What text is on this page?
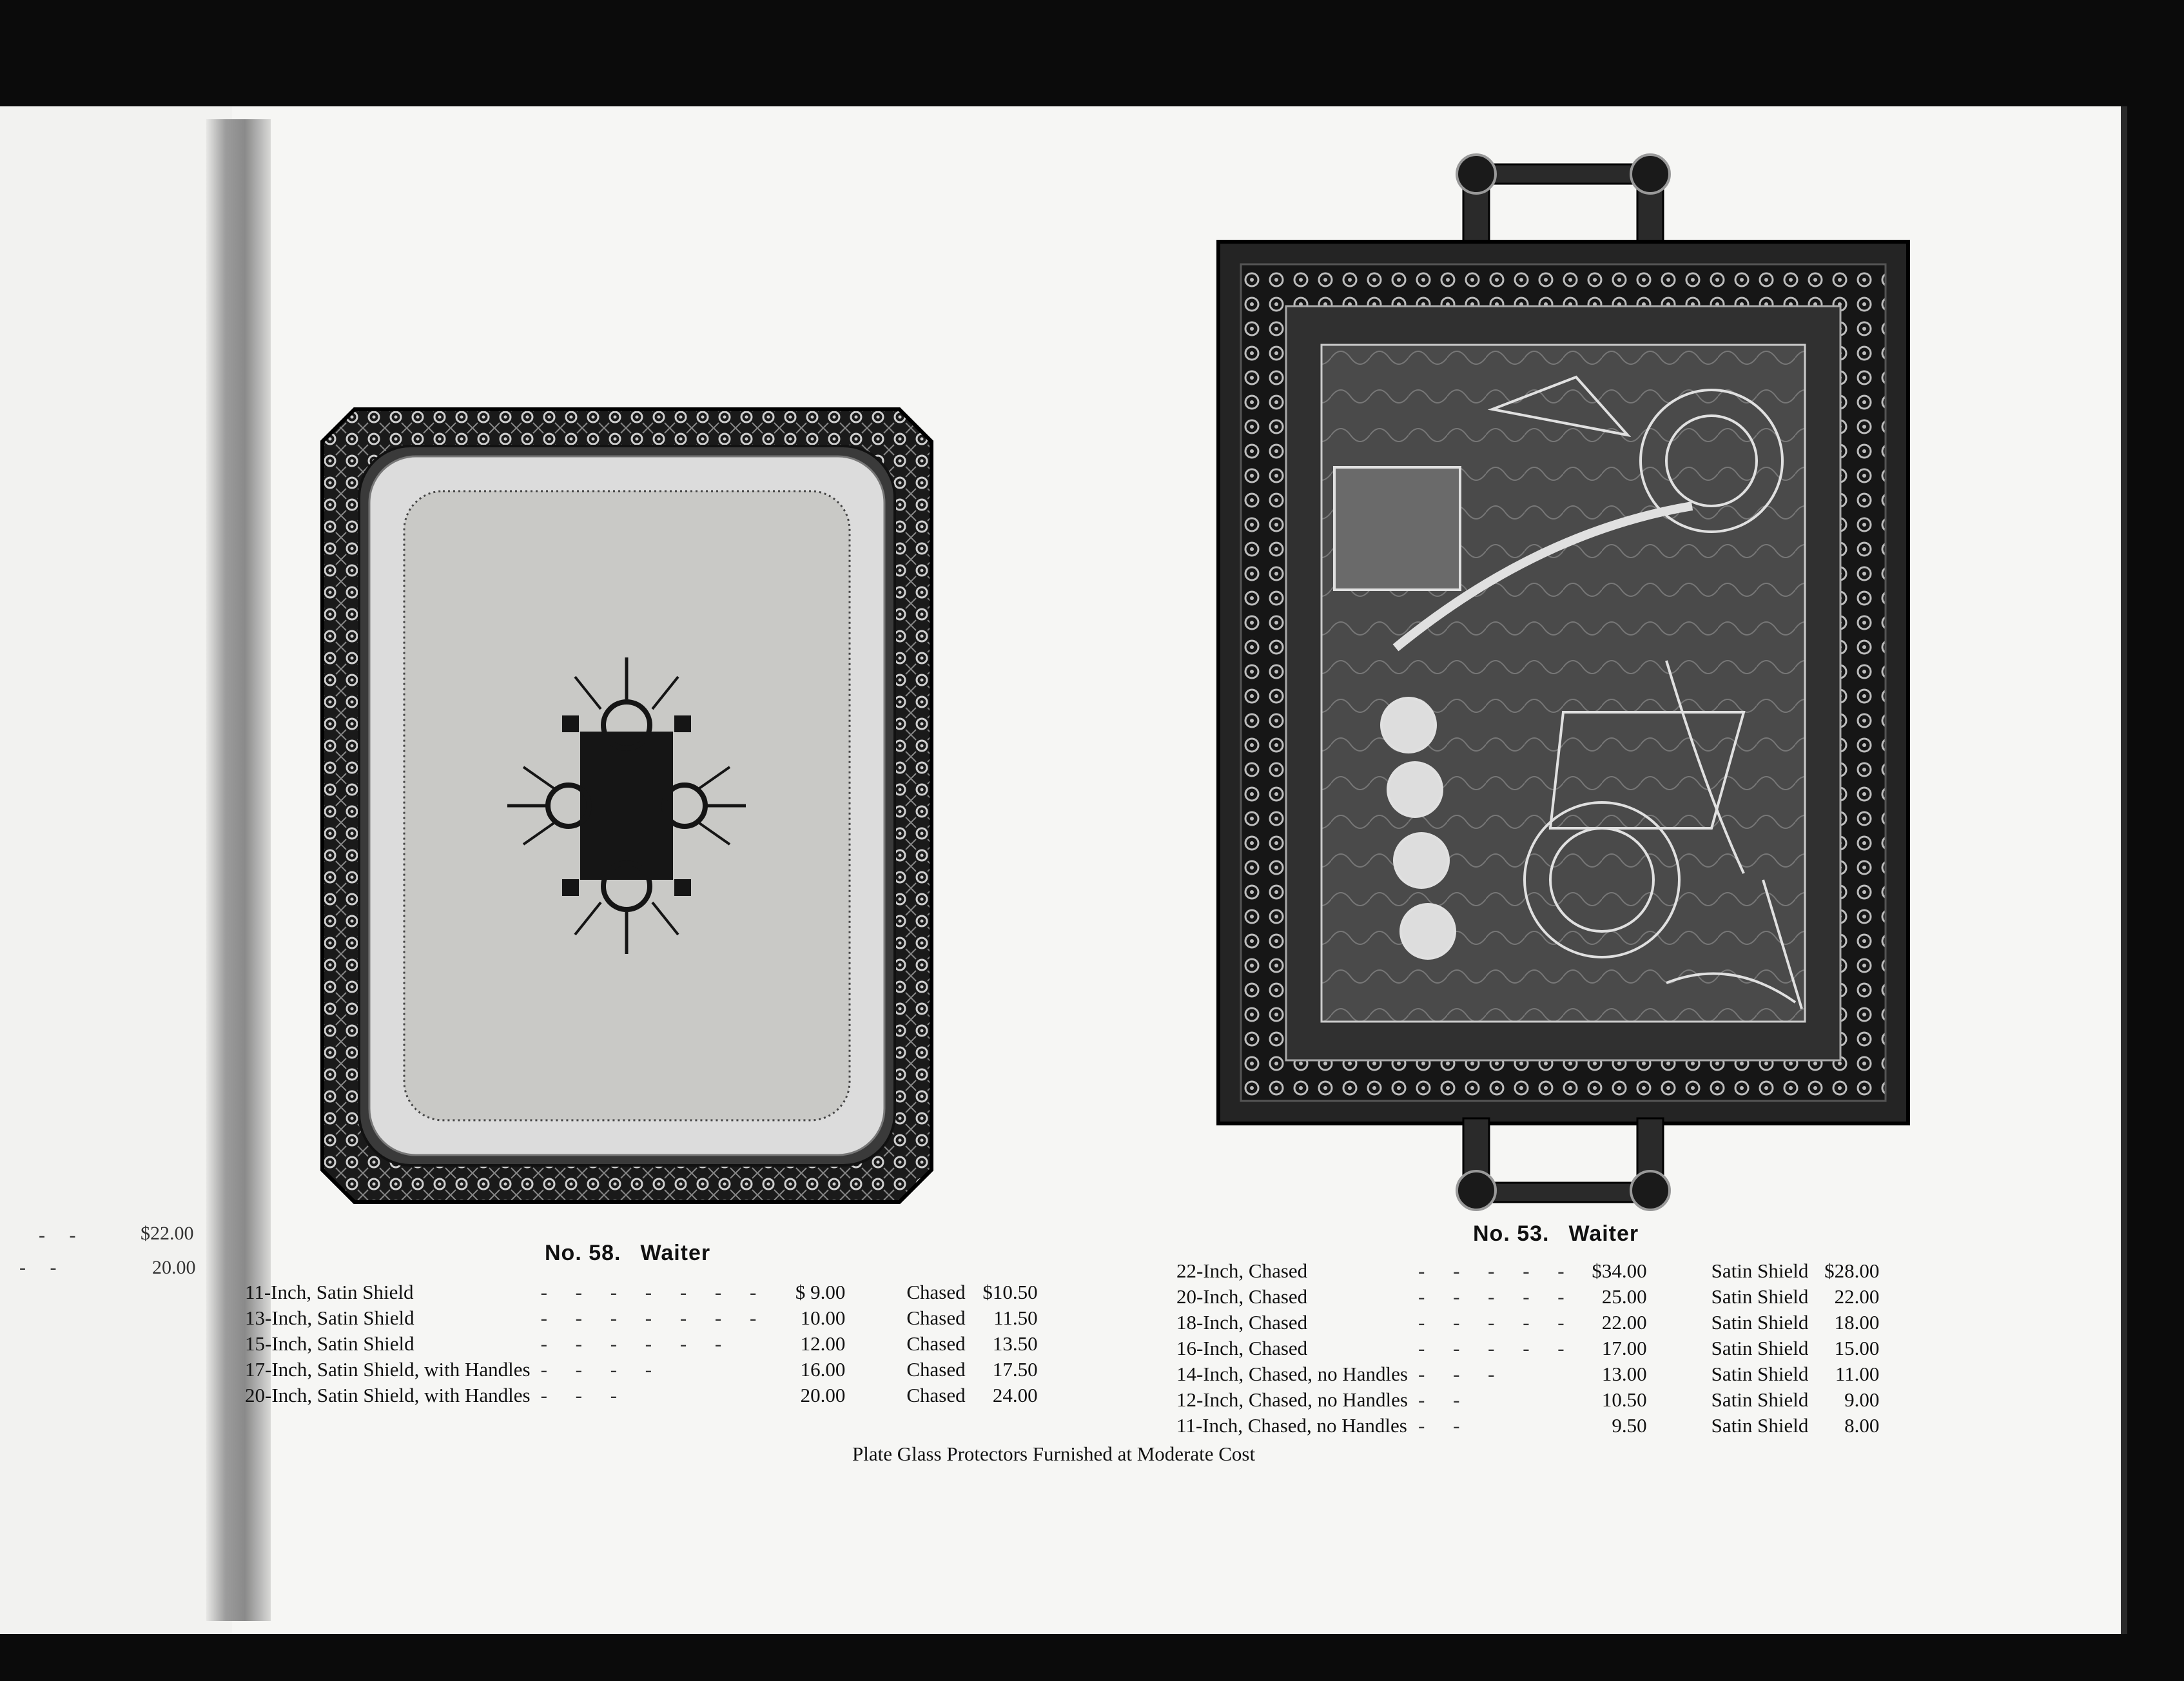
-     -	$22.00
-     -	20.00
No. 58. Waiter
No. 53. Waiter
11-Inch, Satin Shield	- - - - - - -	$ 9.00	Chased	$10.50
13-Inch, Satin Shield	- - - - - - -	10.00	Chased	11.50
15-Inch, Satin Shield	- - - - - -	12.00	Chased	13.50
17-Inch, Satin Shield, with Handles	- - - -	16.00	Chased	17.50
20-Inch, Satin Shield, with Handles	- - -	20.00	Chased	24.00
22-Inch, Chased	- - - - -	$34.00	Satin Shield	$28.00
20-Inch, Chased	- - - - -	25.00	Satin Shield	22.00
18-Inch, Chased	- - - - -	22.00	Satin Shield	18.00
16-Inch, Chased	- - - - -	17.00	Satin Shield	15.00
14-Inch, Chased, no Handles	- - -	13.00	Satin Shield	11.00
12-Inch, Chased, no Handles	- -	10.50	Satin Shield	9.00
11-Inch, Chased, no Handles	- -	9.50	Satin Shield	8.00
Plate Glass Protectors Furnished at Moderate Cost
